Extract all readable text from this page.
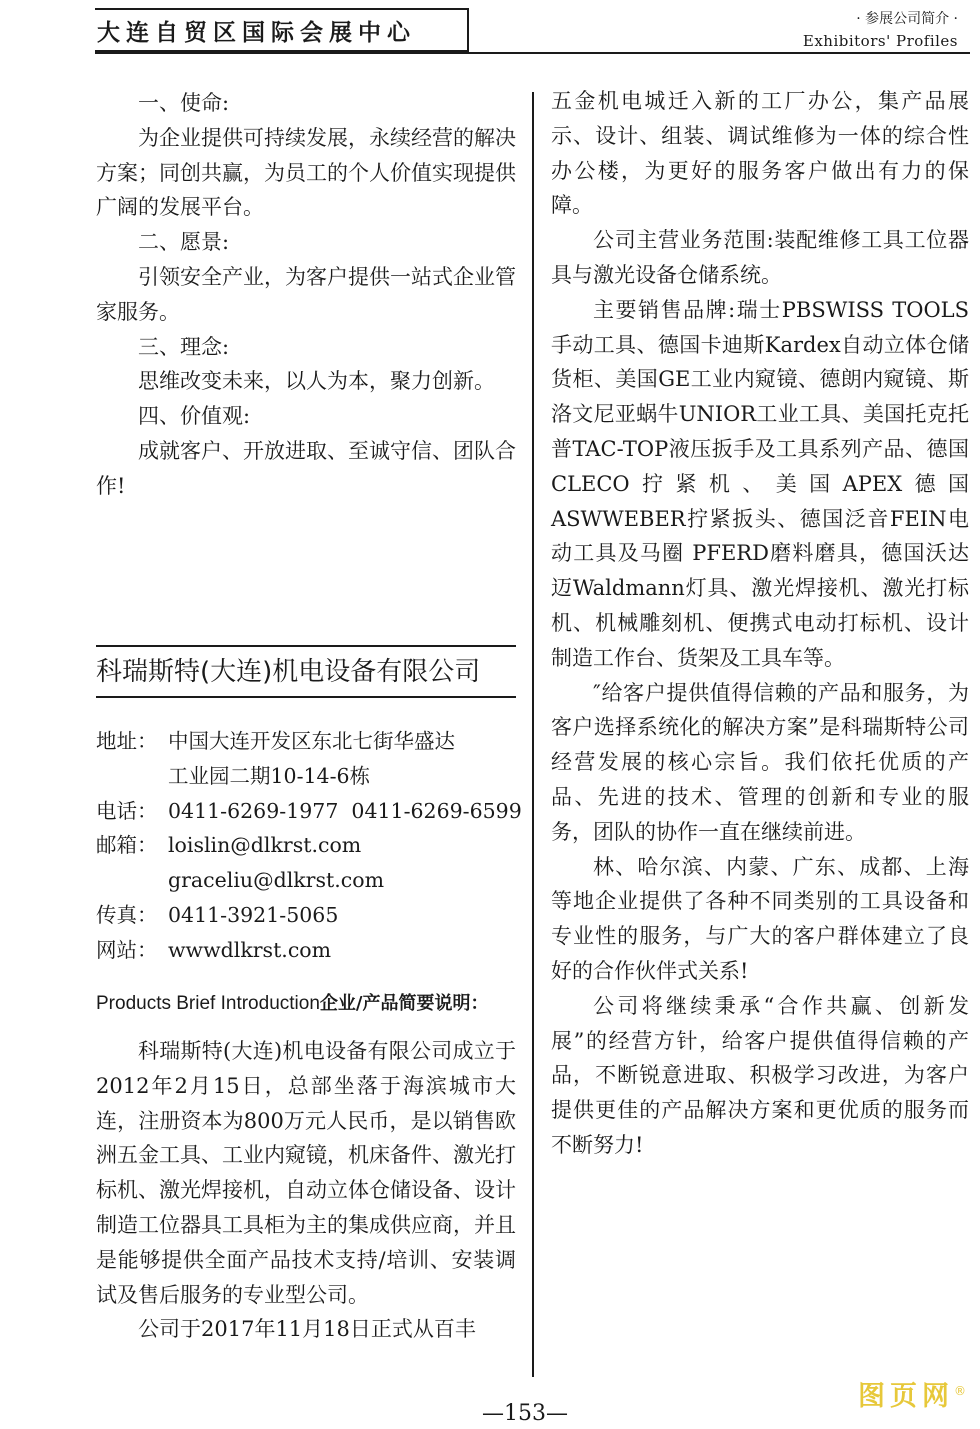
大连自贸区国际会展中心
· 参展公司简介 ·
Exhibitors' Profiles

一、使命:

为企业提供可持续发展，永续经营的解决方案；同创共赢，为员工的个人价值实现提供广阔的发展平台。

二、愿景:

引领安全产业，为客户提供一站式企业管家服务。

三、理念:

思维改变未来，以人为本，聚力创新。

四、价值观:

成就客户、开放进取、至诚守信、团队合作!

科瑞斯特(大连)机电设备有限公司
地址： 中国大连开发区东北七街华盛达
工业园二期10-14-6栋
电话： 0411-6269-1977  0411-6269-6599
邮箱： loislin@dlkrst.com
graceliu@dlkrst.com
传真： 0411-3921-5065
网站： wwwdlkrst.com
Products Brief Introduction企业/产品简要说明：

科瑞斯特(大连)机电设备有限公司成立于2012年2月15日，总部坐落于海滨城市大连，注册资本为800万元人民币，是以销售欧洲五金工具、工业内窥镜，机床备件、激光打标机、激光焊接机，自动立体仓储设备、设计制造工位器具工具柜为主的集成供应商，并且是能够提供全面产品技术支持/培训、安装调试及售后服务的专业型公司。

公司于2017年11月18日正式从百丰

五金机电城迁入新的工厂办公，集产品展示、设计、组装、调试维修为一体的综合性办公楼，为更好的服务客户做出有力的保障。

公司主营业务范围:装配维修工具工位器具与激光设备仓储系统。

主要销售品牌:瑞士PBSWISS TOOLS手动工具、德国卡迪斯Kardex自动立体仓储货柜、美国GE工业内窥镜、德朗内窥镜、斯洛文尼亚蜗牛UNIOR工业工具、美国托克托普TAC-TOP液压扳手及工具系列产品、德国CLECO拧紧机、美国APEX德国ASWWEBER拧紧扳头、德国泛音FEIN电动工具及马圈 PFERD磨料磨具，德国沃达迈Waldmann灯具、激光焊接机、激光打标机、机械雕刻机、便携式电动打标机、设计制造工作台、货架及工具车等。

″给客户提供值得信赖的产品和服务，为客户选择系统化的解决方案”是科瑞斯特公司经营发展的核心宗旨。我们依托优质的产品、先进的技术、管理的创新和专业的服务，团队的协作一直在继续前进。

林、哈尔滨、内蒙、广东、成都、上海等地企业提供了各种不同类别的工具设备和专业性的服务，与广大的客户群体建立了良好的合作伙伴式关系!

公司将继续秉承“合作共赢、创新发展”的经营方针，给客户提供值得信赖的产品，不断锐意进取、积极学习改进，为客户提供更佳的产品解决方案和更优质的服务而不断努力!

—153—
图页网®
